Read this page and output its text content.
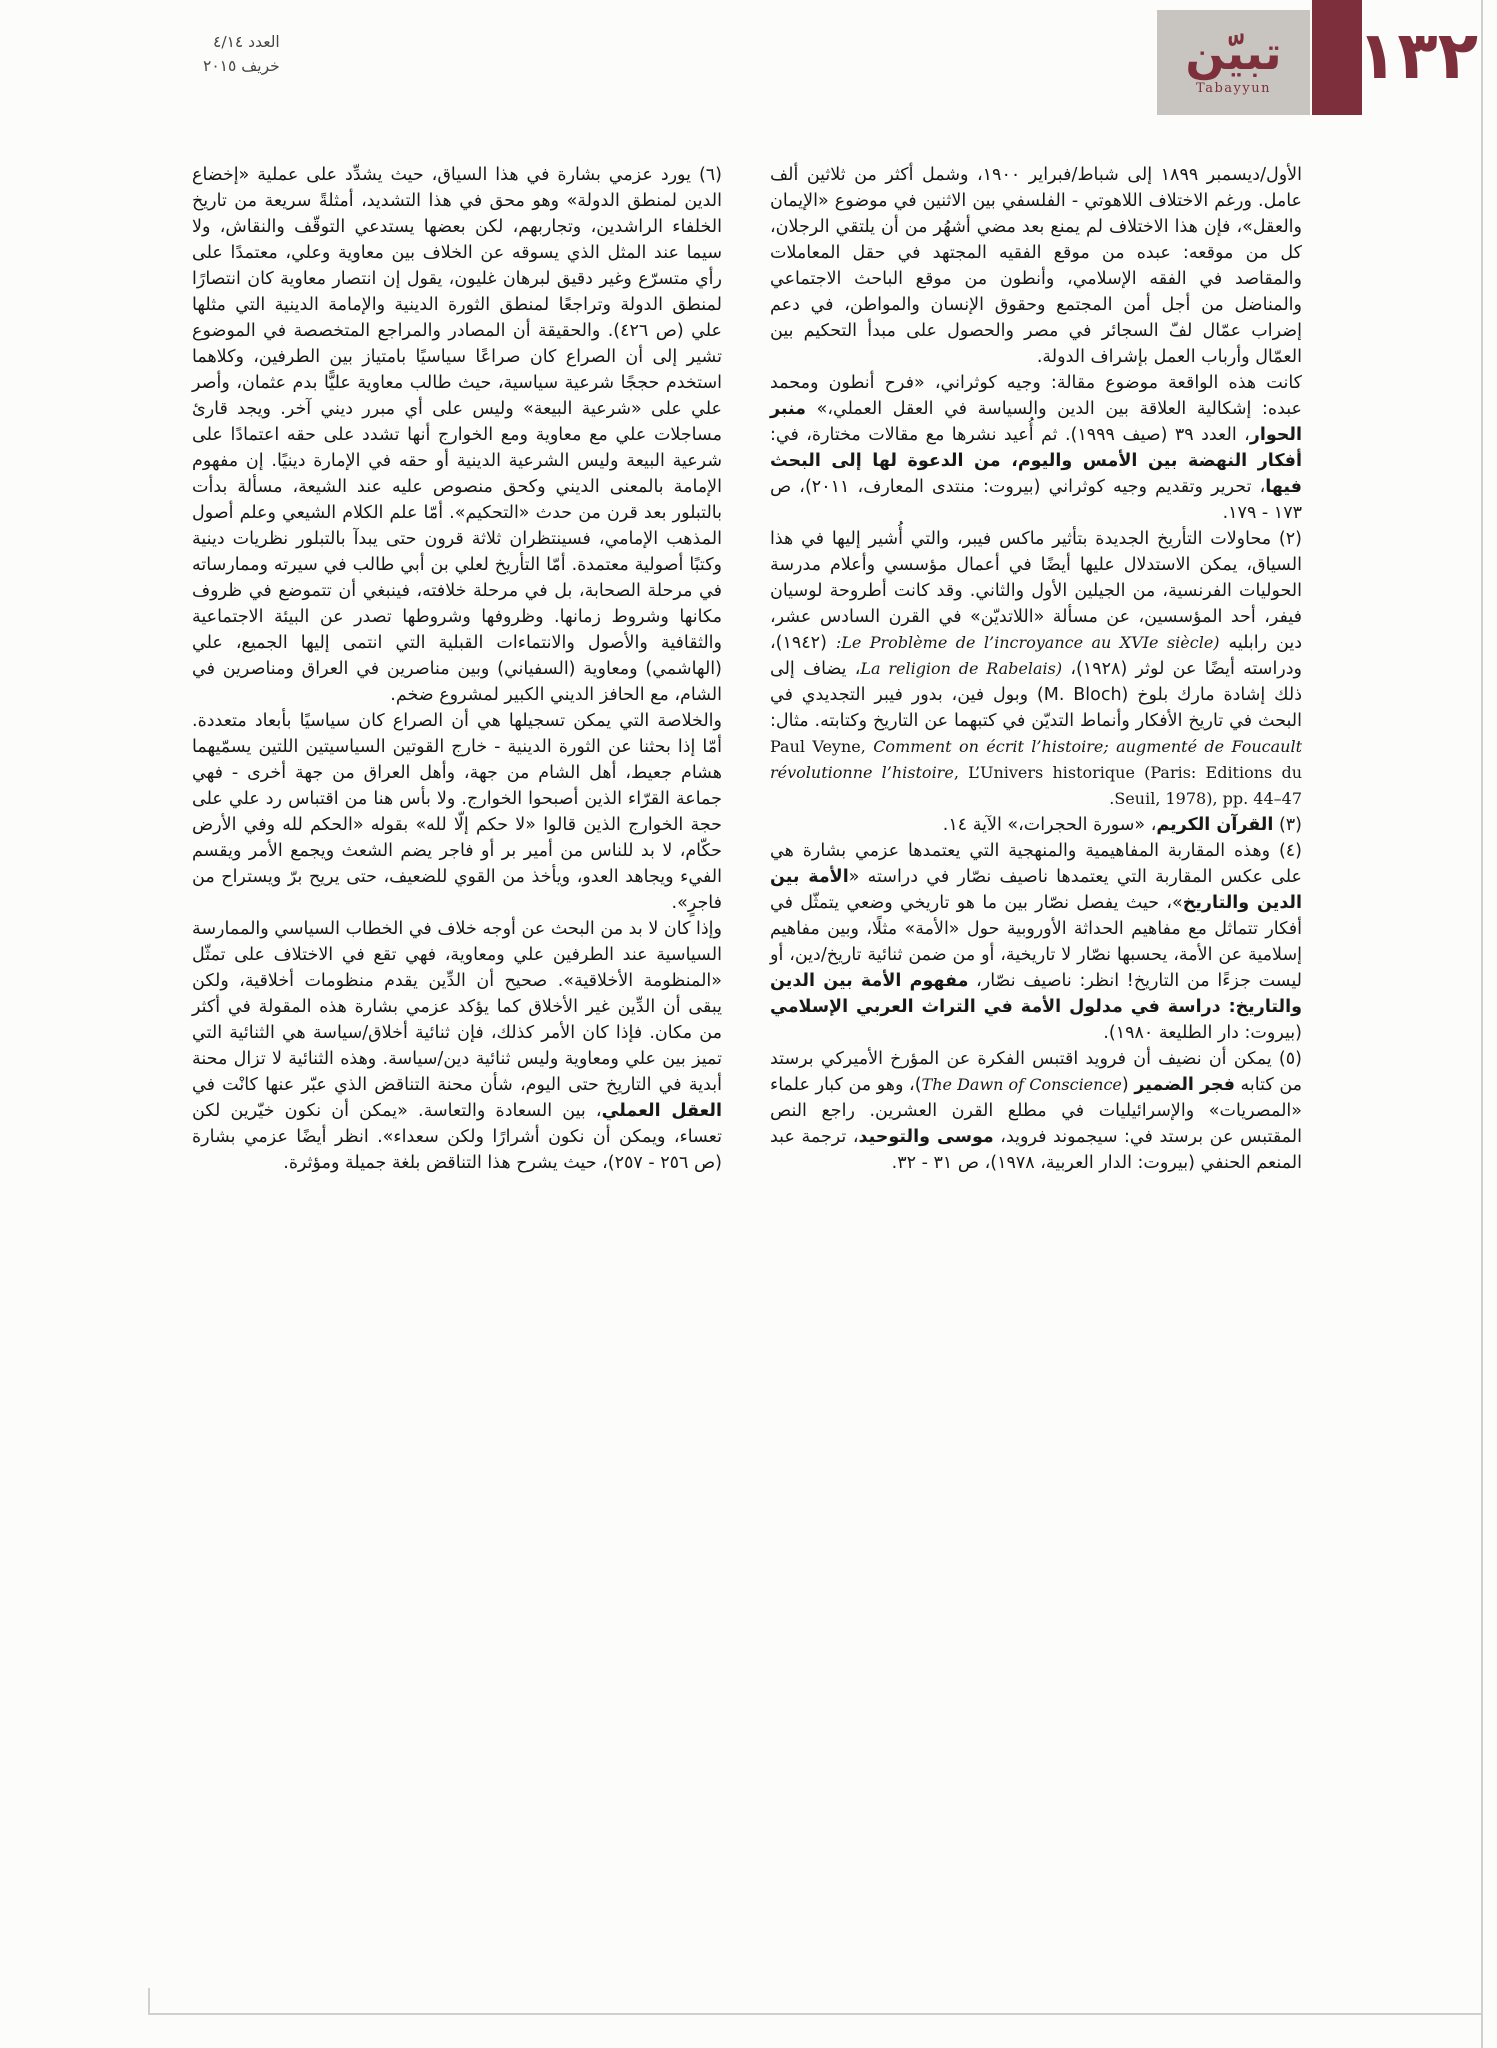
العدد ٤/١٤
خريف ٢٠١٥	تبيّن
Tabayyun ١٣٢

الأول/ديسمبر ١٨٩٩ إلى شباط/فبراير ١٩٠٠، وشمل أكثر من ثلاثين ألف عامل. ورغم الاختلاف اللاهوتي - الفلسفي بين الاثنين في موضوع «الإيمان والعقل»، فإن هذا الاختلاف لم يمنع بعد مضي أشهُر من أن يلتقي الرجلان، كل من موقعه: عبده من موقع الفقيه المجتهد في حقل المعاملات والمقاصد في الفقه الإسلامي، وأنطون من موقع الباحث الاجتماعي والمناضل من أجل أمن المجتمع وحقوق الإنسان والمواطن، في دعم إضراب عمّال لفّ السجائر في مصر والحصول على مبدأ التحكيم بين العمّال وأرباب العمل بإشراف الدولة.

كانت هذه الواقعة موضوع مقالة: وجيه كوثراني، «فرح أنطون ومحمد عبده: إشكالية العلاقة بين الدين والسياسة في العقل العملي،» منبر الحوار، العدد ٣٩ (صيف ١٩٩٩). ثم أُعيد نشرها مع مقالات مختارة، في: أفكار النهضة بين الأمس واليوم، من الدعوة لها إلى البحث فيها، تحرير وتقديم وجيه كوثراني (بيروت: منتدى المعارف، ٢٠١١)، ص ١٧٣ - ١٧٩.

(٢) محاولات التأريخ الجديدة بتأثير ماكس فيبر، والتي أُشير إليها في هذا السياق، يمكن الاستدلال عليها أيضًا في أعمال مؤسسي وأعلام مدرسة الحوليات الفرنسية، من الجيلين الأول والثاني. وقد كانت أطروحة لوسيان فيفر، أحد المؤسسين، عن مسألة «اللاتديّن» في القرن السادس عشر، دين رابليه (Le Problème de l’incroyance au XVIe siècle: (١٩٤٢)، ودراسته أيضًا عن لوثر (١٩٢٨)، (La religion de Rabelais، يضاف إلى ذلك إشادة مارك بلوخ (M. Bloch) وبول فين، بدور فيبر التجديدي في البحث في تاريخ الأفكار وأنماط التديّن في كتبهما عن التاريخ وكتابته. مثال: Paul Veyne, Comment on écrit l’histoire; augmenté de Foucault révolutionne l’histoire, L’Univers historique (Paris: Editions du Seuil, 1978), pp. 44–47.

(٣) القرآن الكريم، «سورة الحجرات،» الآية ١٤.

(٤) وهذه المقاربة المفاهيمية والمنهجية التي يعتمدها عزمي بشارة هي على عكس المقاربة التي يعتمدها ناصيف نصّار في دراسته «الأمة بين الدين والتاريخ»، حيث يفصل نصّار بين ما هو تاريخي وضعي يتمثّل في أفكار تتماثل مع مفاهيم الحداثة الأوروبية حول «الأمة» مثلًا، وبين مفاهيم إسلامية عن الأمة، يحسبها نصّار لا تاريخية، أو من ضمن ثنائية تاريخ/دين، أو ليست جزءًا من التاريخ! انظر: ناصيف نصّار، مفهوم الأمة بين الدين والتاريخ: دراسة في مدلول الأمة في التراث العربي الإسلامي (بيروت: دار الطليعة ١٩٨٠).

(٥) يمكن أن نضيف أن فرويد اقتبس الفكرة عن المؤرخ الأميركي برستد من كتابه فجر الضمير (The Dawn of Conscience)، وهو من كبار علماء «المصريات» والإسرائيليات في مطلع القرن العشرين. راجع النص المقتبس عن برستد في: سيجموند فرويد، موسى والتوحيد، ترجمة عبد المنعم الحنفي (بيروت: الدار العربية، ١٩٧٨)، ص ٣١ - ٣٢.

(٦) يورد عزمي بشارة في هذا السياق، حيث يشدِّد على عملية «إخضاع الدين لمنطق الدولة» وهو محق في هذا التشديد، أمثلةً سريعة من تاريخ الخلفاء الراشدين، وتجاربهم، لكن بعضها يستدعي التوقّف والنقاش، ولا سيما عند المثل الذي يسوقه عن الخلاف بين معاوية وعلي، معتمدًا على رأي متسرّع وغير دقيق لبرهان غليون، يقول إن انتصار معاوية كان انتصارًا لمنطق الدولة وتراجعًا لمنطق الثورة الدينية والإمامة الدينية التي مثلها علي (ص ٤٢٦). والحقيقة أن المصادر والمراجع المتخصصة في الموضوع تشير إلى أن الصراع كان صراعًا سياسيًا بامتياز بين الطرفين، وكلاهما استخدم حججًا شرعية سياسية، حيث طالب معاوية عليًّا بدم عثمان، وأصر علي على «شرعية البيعة» وليس على أي مبرر ديني آخر. ويجد قارئ مساجلات علي مع معاوية ومع الخوارج أنها تشدد على حقه اعتمادًا على شرعية البيعة وليس الشرعية الدينية أو حقه في الإمارة دينيًا. إن مفهوم الإمامة بالمعنى الديني وكحق منصوص عليه عند الشيعة، مسألة بدأت بالتبلور بعد قرن من حدث «التحكيم». أمّا علم الكلام الشيعي وعلم أصول المذهب الإمامي، فسينتظران ثلاثة قرون حتى يبدآ بالتبلور نظريات دينية وكتبًا أصولية معتمدة. أمّا التأريخ لعلي بن أبي طالب في سيرته وممارساته في مرحلة الصحابة، بل في مرحلة خلافته، فينبغي أن تتموضع في ظروف مكانها وشروط زمانها. وظروفها وشروطها تصدر عن البيئة الاجتماعية والثقافية والأصول والانتماءات القبلية التي انتمى إليها الجميع، علي (الهاشمي) ومعاوية (السفياني) وبين مناصرين في العراق ومناصرين في الشام، مع الحافز الديني الكبير لمشروع ضخم.

والخلاصة التي يمكن تسجيلها هي أن الصراع كان سياسيًا بأبعاد متعددة. أمّا إذا بحثنا عن الثورة الدينية - خارج القوتين السياسيتين اللتين يسمّيهما هشام جعيط، أهل الشام من جهة، وأهل العراق من جهة أخرى - فهي جماعة القرّاء الذين أصبحوا الخوارج. ولا بأس هنا من اقتباس رد علي على حجة الخوارج الذين قالوا «لا حكم إلّا لله» بقوله «الحكم لله وفي الأرض حكّام، لا بد للناس من أمير بر أو فاجر يضم الشعث ويجمع الأمر ويقسم الفيء ويجاهد العدو، ويأخذ من القوي للضعيف، حتى يريح برّ ويستراح من فاجرٍ».

وإذا كان لا بد من البحث عن أوجه خلاف في الخطاب السياسي والممارسة السياسية عند الطرفين علي ومعاوية، فهي تقع في الاختلاف على تمثّل «المنظومة الأخلاقية». صحيح أن الدِّين يقدم منظومات أخلاقية، ولكن يبقى أن الدِّين غير الأخلاق كما يؤكد عزمي بشارة هذه المقولة في أكثر من مكان. فإذا كان الأمر كذلك، فإن ثنائية أخلاق/سياسة هي الثنائية التي تميز بين علي ومعاوية وليس ثنائية دين/سياسة. وهذه الثنائية لا تزال محنة أبدية في التاريخ حتى اليوم، شأن محنة التناقض الذي عبّر عنها كانْت في العقل العملي، بين السعادة والتعاسة. «يمكن أن نكون خيّرين لكن تعساء، ويمكن أن نكون أشرارًا ولكن سعداء». انظر أيضًا عزمي بشارة (ص ٢٥٦ - ٢٥٧)، حيث يشرح هذا التناقض بلغة جميلة ومؤثرة.
